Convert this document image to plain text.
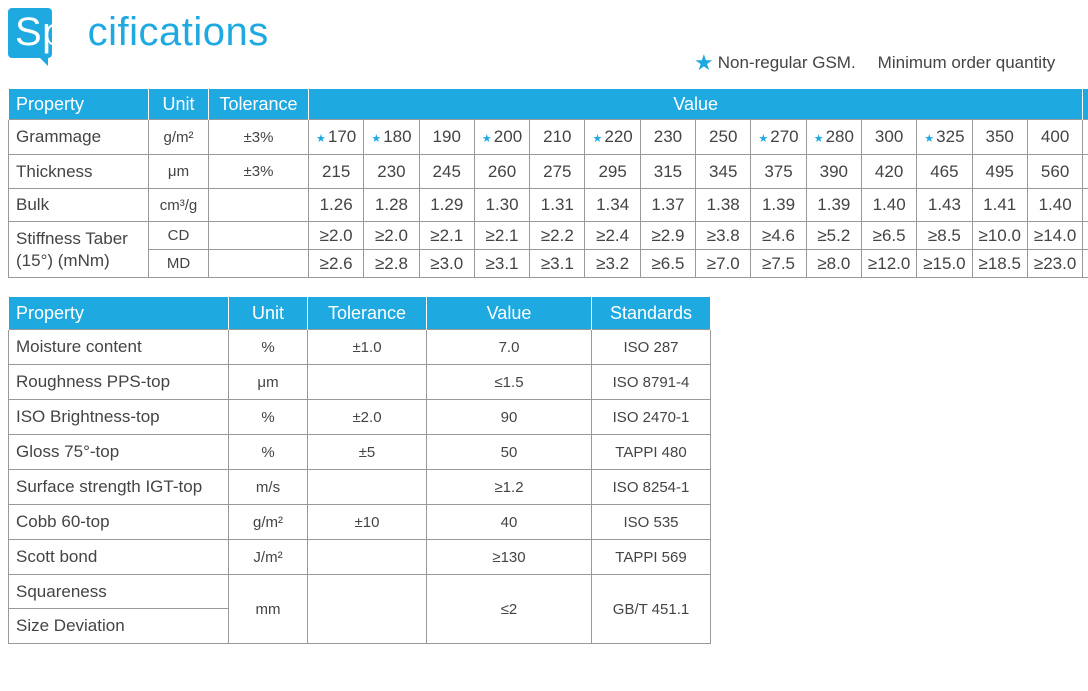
Specifications
★ Non-regular GSM. Minimum order quantity
Property	Unit	Tolerance	Value														
Grammage	g/m²	±3%	★ 170	★ 180	190	★ 200	210	★ 220	230	250	★ 270	★ 280	300	★ 325	350	400	
Thickness	μm	±3%	215	230	245	260	275	295	315	345	375	390	420	465	495	560	
Bulk	cm³/g		1.26	1.28	1.29	1.30	1.31	1.34	1.37	1.38	1.39	1.39	1.40	1.43	1.41	1.40	
Stiffness Taber (15°) (mNm)	CD		≥2.0	≥2.0	≥2.1	≥2.1	≥2.2	≥2.4	≥2.9	≥3.8	≥4.6	≥5.2	≥6.5	≥8.5	≥10.0	≥14.0	
	MD		≥2.6	≥2.8	≥3.0	≥3.1	≥3.1	≥3.2	≥6.5	≥7.0	≥7.5	≥8.0	≥12.0	≥15.0	≥18.5	≥23.0	
Property	Unit	Tolerance	Value	Standards
Moisture content	%	±1.0	7.0	ISO 287
Roughness PPS-top	μm		≤1.5	ISO 8791-4
ISO Brightness-top	%	±2.0	90	ISO 2470-1
Gloss 75°-top	%	±5	50	TAPPI 480
Surface strength IGT-top	m/s		≥1.2	ISO 8254-1
Cobb 60-top	g/m²	±10	40	ISO 535
Scott bond	J/m²		≥130	TAPPI 569
Squareness	mm		≤2	GB/T 451.1
Size Deviation				
